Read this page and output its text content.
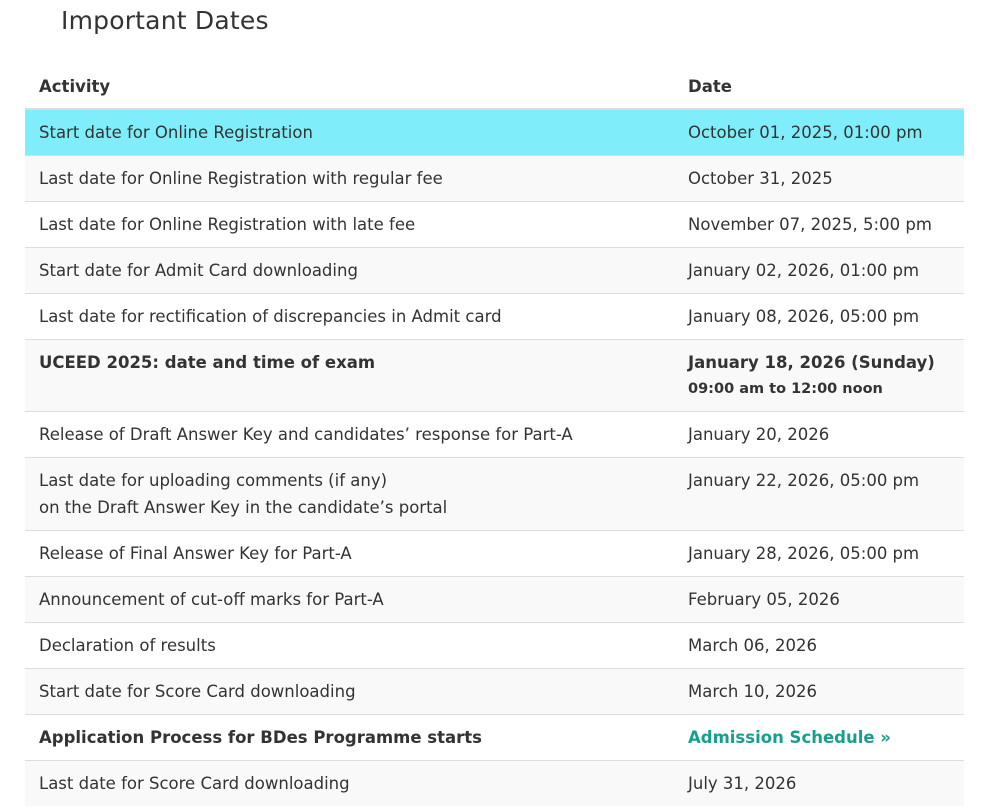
Important Dates
Activity	Date
Start date for Online Registration	October 01, 2025, 01:00 pm
Last date for Online Registration with regular fee	October 31, 2025
Last date for Online Registration with late fee	November 07, 2025, 5:00 pm
Start date for Admit Card downloading	January 02, 2026, 01:00 pm
Last date for rectification of discrepancies in Admit card	January 08, 2026, 05:00 pm
UCEED 2025: date and time of exam	January 18, 2026 (Sunday)
09:00 am to 12:00 noon

Release of Draft Answer Key and candidates’ response for Part-A	January 20, 2026

Last date for uploading comments (if any)
on the Draft Answer Key in the candidate’s portal	January 22, 2026, 05:00 pm
Release of Final Answer Key for Part-A	January 28, 2026, 05:00 pm
Announcement of cut-off marks for Part-A	February 05, 2026
Declaration of results	March 06, 2026
Start date for Score Card downloading	March 10, 2026
Application Process for BDes Programme starts	Admission Schedule »
Last date for Score Card downloading	July 31, 2026
